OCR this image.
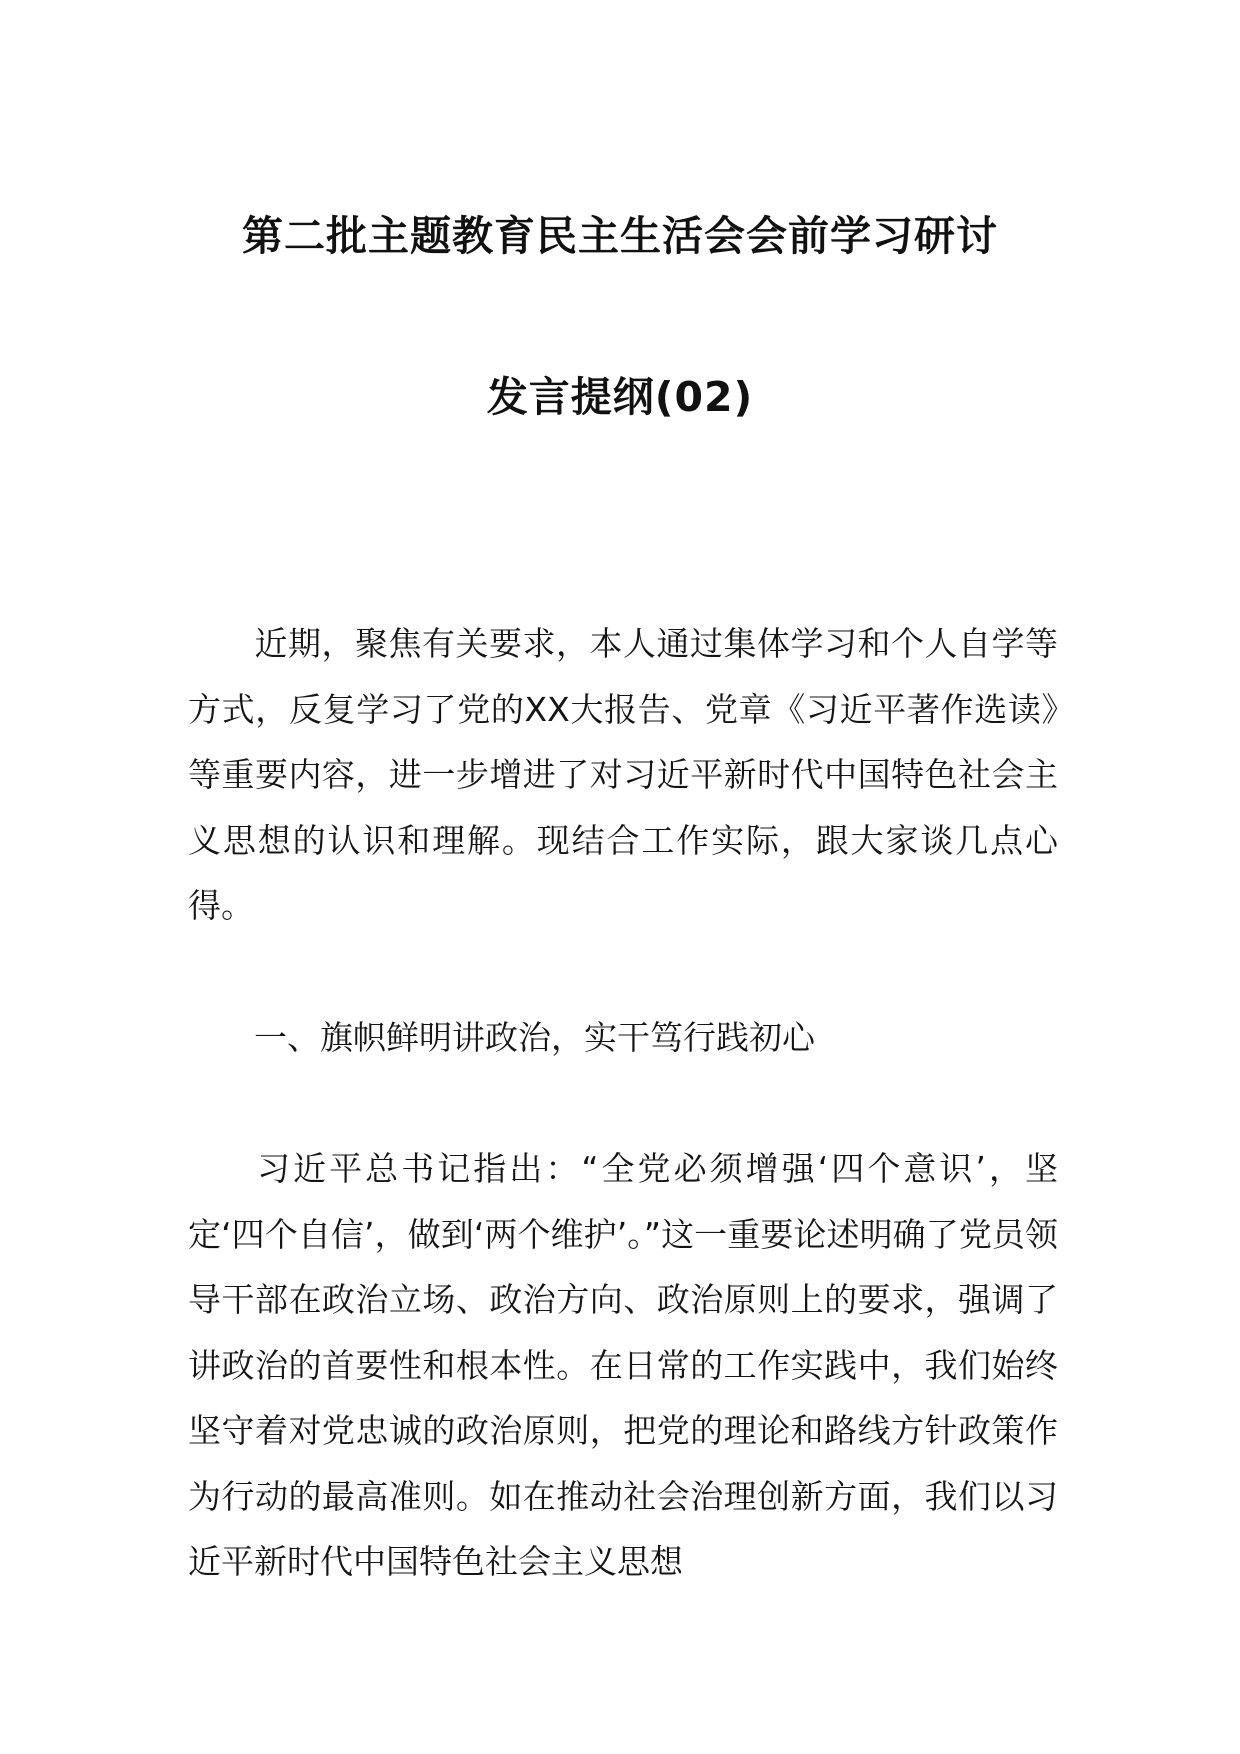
第二批主题教育民主生活会会前学习研讨
发言提纲(02)
近期，聚焦有关要求，本人通过集体学习和个人自学等方式，反复学习了党的XX大报告、党章《习近平著作选读》等重要内容，进一步增进了对习近平新时代中国特色社会主义思想的认识和理解。现结合工作实际，跟大家谈几点心得。
一、旗帜鲜明讲政治，实干笃行践初心
习近平总书记指出：“全党必须增强‘四个意识’，坚定‘四个自信’，做到‘两个维护’。”这一重要论述明确了党员领导干部在政治立场、政治方向、政治原则上的要求，强调了讲政治的首要性和根本性。在日常的工作实践中，我们始终坚守着对党忠诚的政治原则，把党的理论和路线方针政策作为行动的最高准则。如在推动社会治理创新方面，我们以习近平新时代中国特色社会主义思想
